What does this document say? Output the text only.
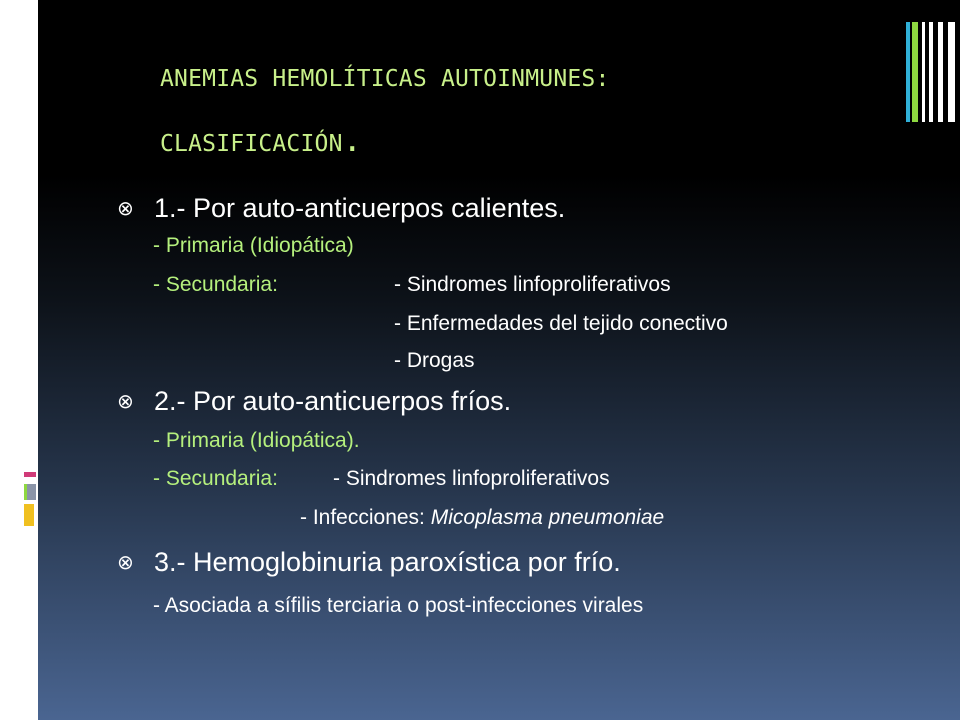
ANEMIAS HEMOLÍTICAS AUTOINMUNES:
CLASIFICACIÓN.
⊗ 1.- Por auto-anticuerpos calientes.
- Primaria (Idiopática)
- Secundaria:	- Sindromes linfoproliferativos
- Enfermedades del tejido conectivo
- Drogas
⊗ 2.- Por auto-anticuerpos fríos.
- Primaria (Idiopática).
- Secundaria:	- Sindromes linfoproliferativos
- Infecciones: Micoplasma pneumoniae
⊗ 3.- Hemoglobinuria paroxística por frío.
- Asociada a sífilis terciaria o post-infecciones virales
